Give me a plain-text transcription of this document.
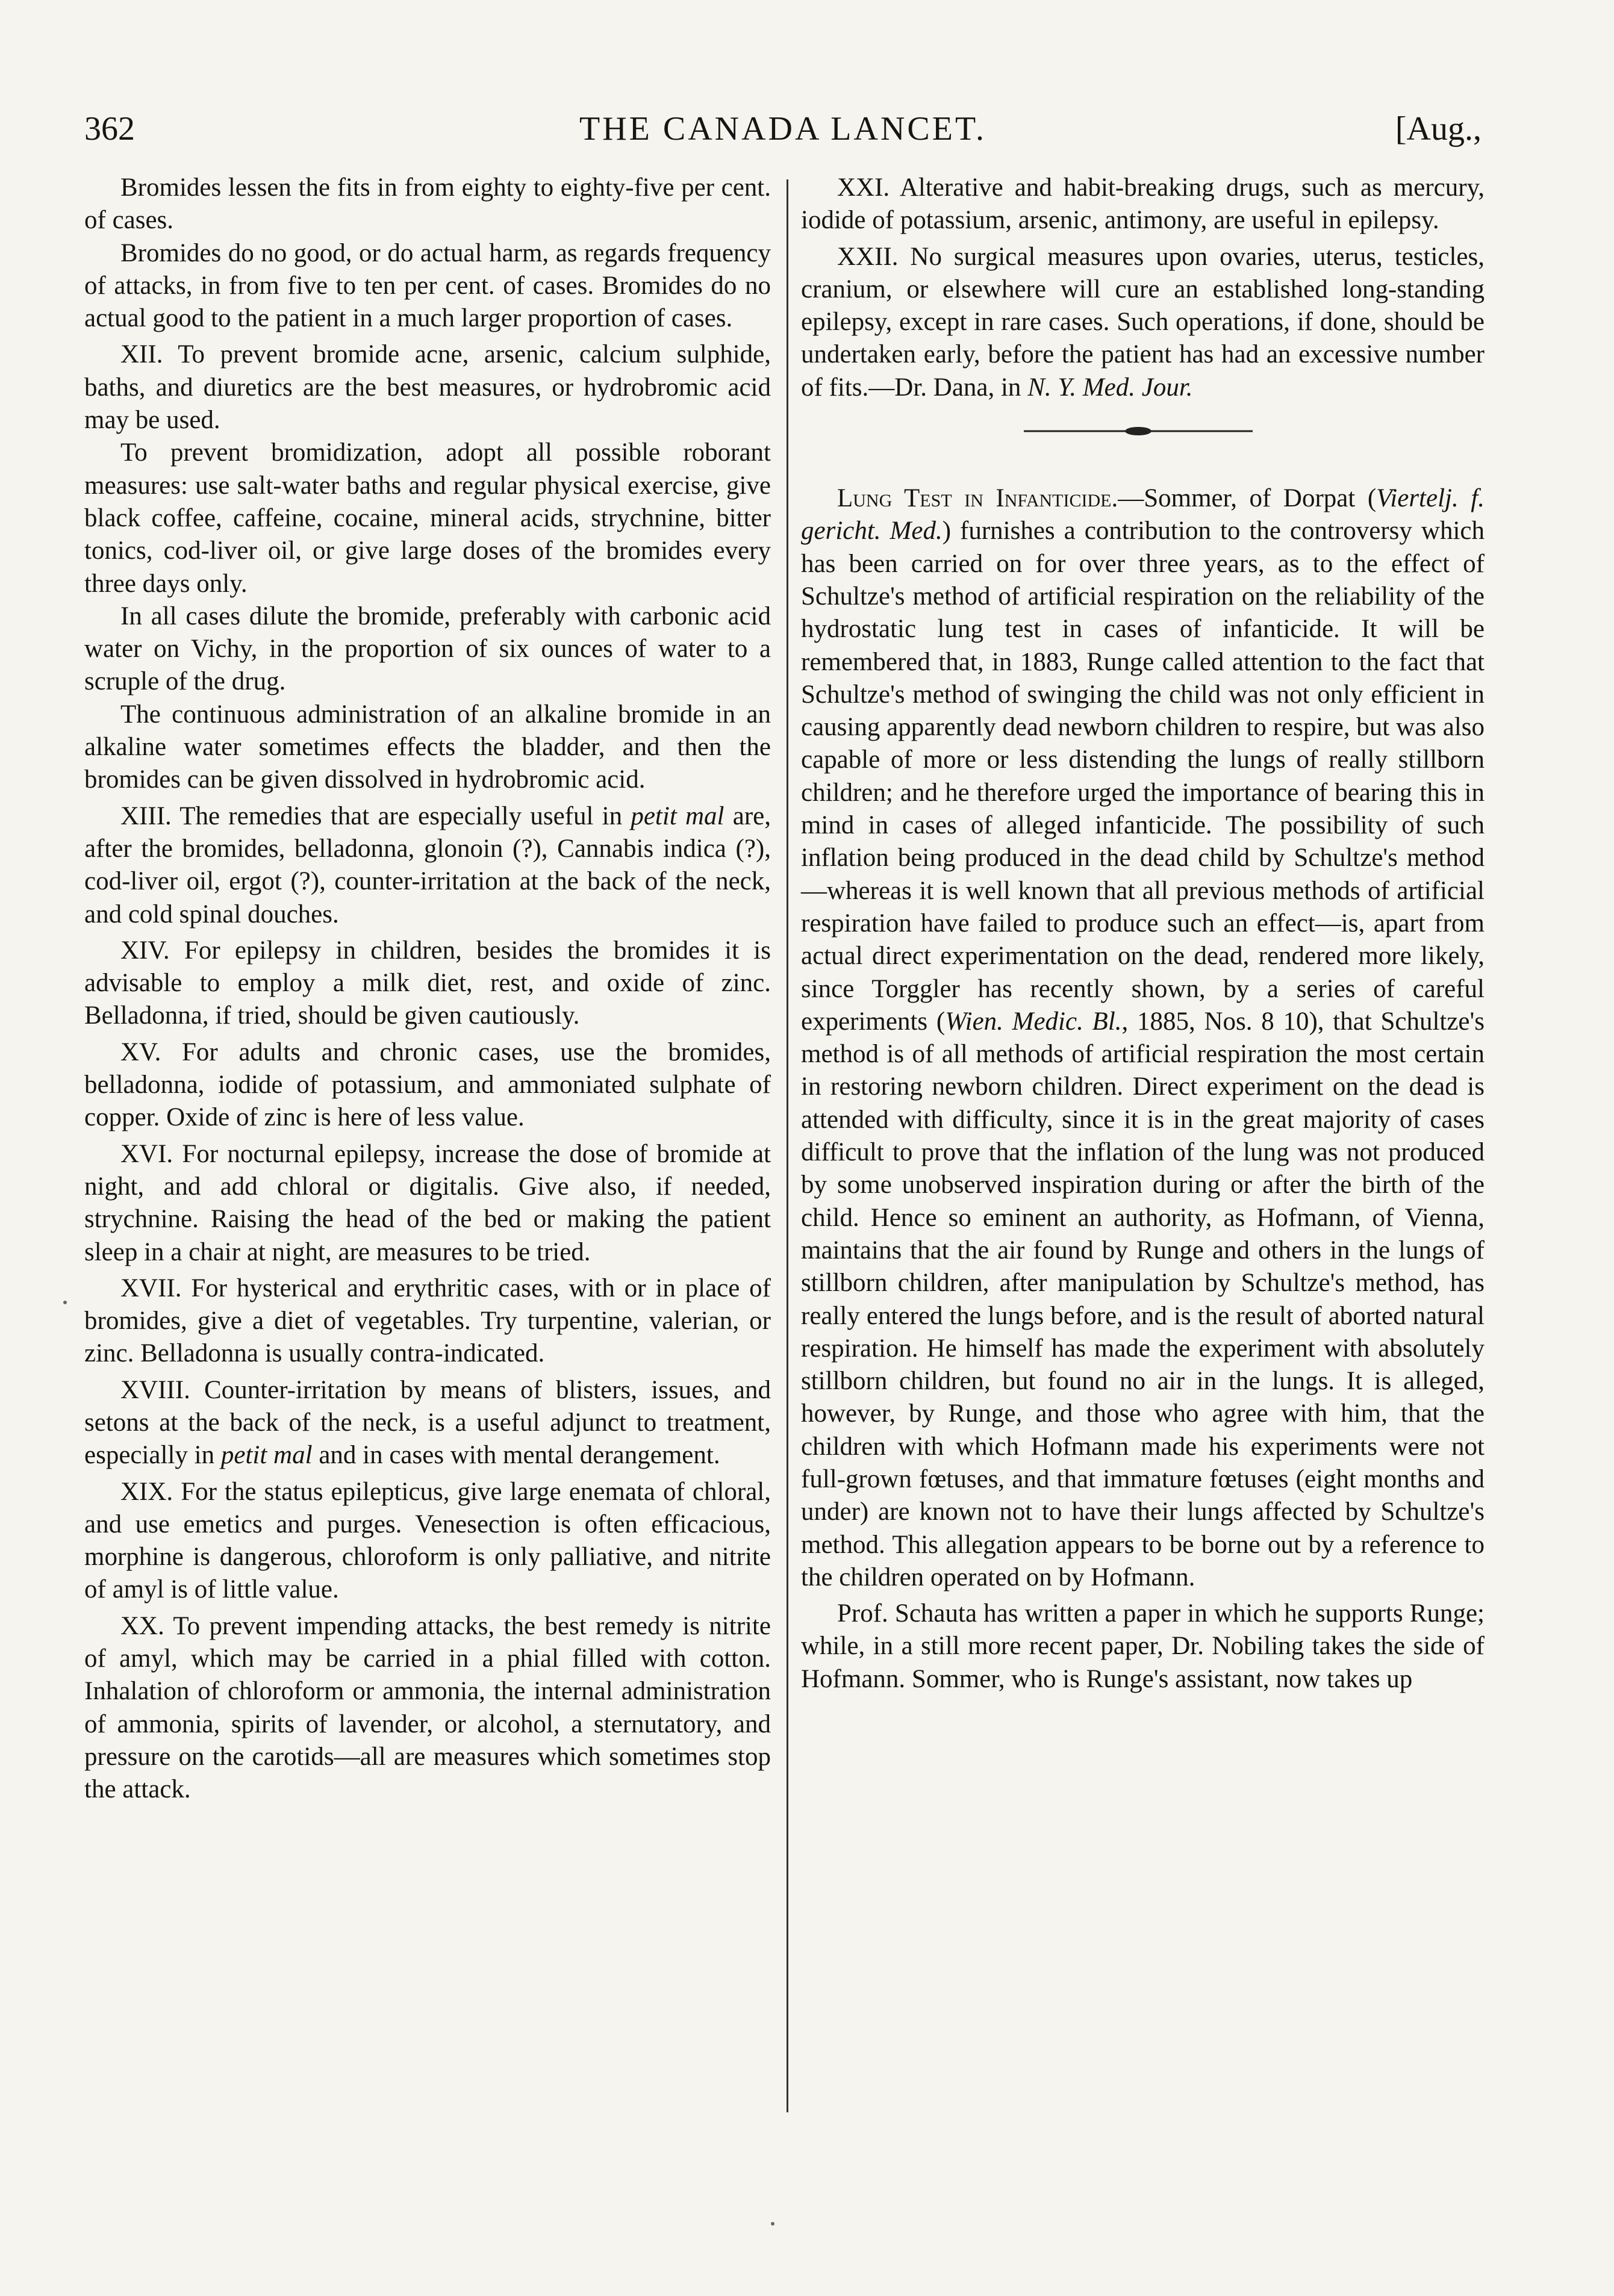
362	THE CANADA LANCET.	[Aug.,

Bromides lessen the fits in from eighty to eighty-five per cent. of cases.

Bromides do no good, or do actual harm, as regards frequency of attacks, in from five to ten per cent. of cases. Bromides do no actual good to the patient in a much larger proportion of cases.

XII. To prevent bromide acne, arsenic, calcium sulphide, baths, and diuretics are the best measures, or hydrobromic acid may be used.

To prevent bromidization, adopt all possible roborant measures: use salt-water baths and regular physical exercise, give black coffee, caffeine, cocaine, mineral acids, strychnine, bitter tonics, cod-liver oil, or give large doses of the bromides every three days only.

In all cases dilute the bromide, preferably with carbonic acid water on Vichy, in the proportion of six ounces of water to a scruple of the drug.

The continuous administration of an alkaline bromide in an alkaline water sometimes effects the bladder, and then the bromides can be given dissolved in hydrobromic acid.

XIII. The remedies that are especially useful in petit mal are, after the bromides, belladonna, glonoin (?), Cannabis indica (?), cod-liver oil, ergot (?), counter-irritation at the back of the neck, and cold spinal douches.

XIV. For epilepsy in children, besides the bromides it is advisable to employ a milk diet, rest, and oxide of zinc. Belladonna, if tried, should be given cautiously.

XV. For adults and chronic cases, use the bromides, belladonna, iodide of potassium, and ammoniated sulphate of copper. Oxide of zinc is here of less value.

XVI. For nocturnal epilepsy, increase the dose of bromide at night, and add chloral or digitalis. Give also, if needed, strychnine. Raising the head of the bed or making the patient sleep in a chair at night, are measures to be tried.

XVII. For hysterical and erythritic cases, with or in place of bromides, give a diet of vegetables. Try turpentine, valerian, or zinc. Belladonna is usually contra-indicated.

XVIII. Counter-irritation by means of blisters, issues, and setons at the back of the neck, is a useful adjunct to treatment, especially in petit mal and in cases with mental derangement.

XIX. For the status epilepticus, give large enemata of chloral, and use emetics and purges. Venesection is often efficacious, morphine is dangerous, chloroform is only palliative, and nitrite of amyl is of little value.

XX. To prevent impending attacks, the best remedy is nitrite of amyl, which may be carried in a phial filled with cotton. Inhalation of chloroform or ammonia, the internal administration of ammonia, spirits of lavender, or alcohol, a sternutatory, and pressure on the carotids—all are measures which sometimes stop the attack.

XXI. Alterative and habit-breaking drugs, such as mercury, iodide of potassium, arsenic, antimony, are useful in epilepsy.

XXII. No surgical measures upon ovaries, uterus, testicles, cranium, or elsewhere will cure an established long-standing epilepsy, except in rare cases. Such operations, if done, should be undertaken early, before the patient has had an excessive number of fits.—Dr. Dana, in N. Y. Med. Jour.

Lung Test in Infanticide.—Sommer, of Dorpat (Viertelj. f. gericht. Med.) furnishes a contribution to the controversy which has been carried on for over three years, as to the effect of Schultze's method of artificial respiration on the reliability of the hydrostatic lung test in cases of infanticide. It will be remembered that, in 1883, Runge called attention to the fact that Schultze's method of swinging the child was not only efficient in causing apparently dead newborn children to respire, but was also capable of more or less distending the lungs of really stillborn children; and he therefore urged the importance of bearing this in mind in cases of alleged infanticide. The possibility of such inflation being produced in the dead child by Schultze's method—whereas it is well known that all previous methods of artificial respiration have failed to produce such an effect—is, apart from actual direct experimentation on the dead, rendered more likely, since Torggler has recently shown, by a series of careful experiments (Wien. Medic. Bl., 1885, Nos. 8 10), that Schultze's method is of all methods of artificial respiration the most certain in restoring newborn children. Direct experiment on the dead is attended with difficulty, since it is in the great majority of cases difficult to prove that the inflation of the lung was not produced by some unobserved inspiration during or after the birth of the child. Hence so eminent an authority, as Hofmann, of Vienna, maintains that the air found by Runge and others in the lungs of stillborn children, after manipulation by Schultze's method, has really entered the lungs before, and is the result of aborted natural respiration. He himself has made the experiment with absolutely stillborn children, but found no air in the lungs. It is alleged, however, by Runge, and those who agree with him, that the children with which Hofmann made his experiments were not full-grown fœtuses, and that immature fœtuses (eight months and under) are known not to have their lungs affected by Schultze's method. This allegation appears to be borne out by a reference to the children operated on by Hofmann.

Prof. Schauta has written a paper in which he supports Runge; while, in a still more recent paper, Dr. Nobiling takes the side of Hofmann. Sommer, who is Runge's assistant, now takes up
